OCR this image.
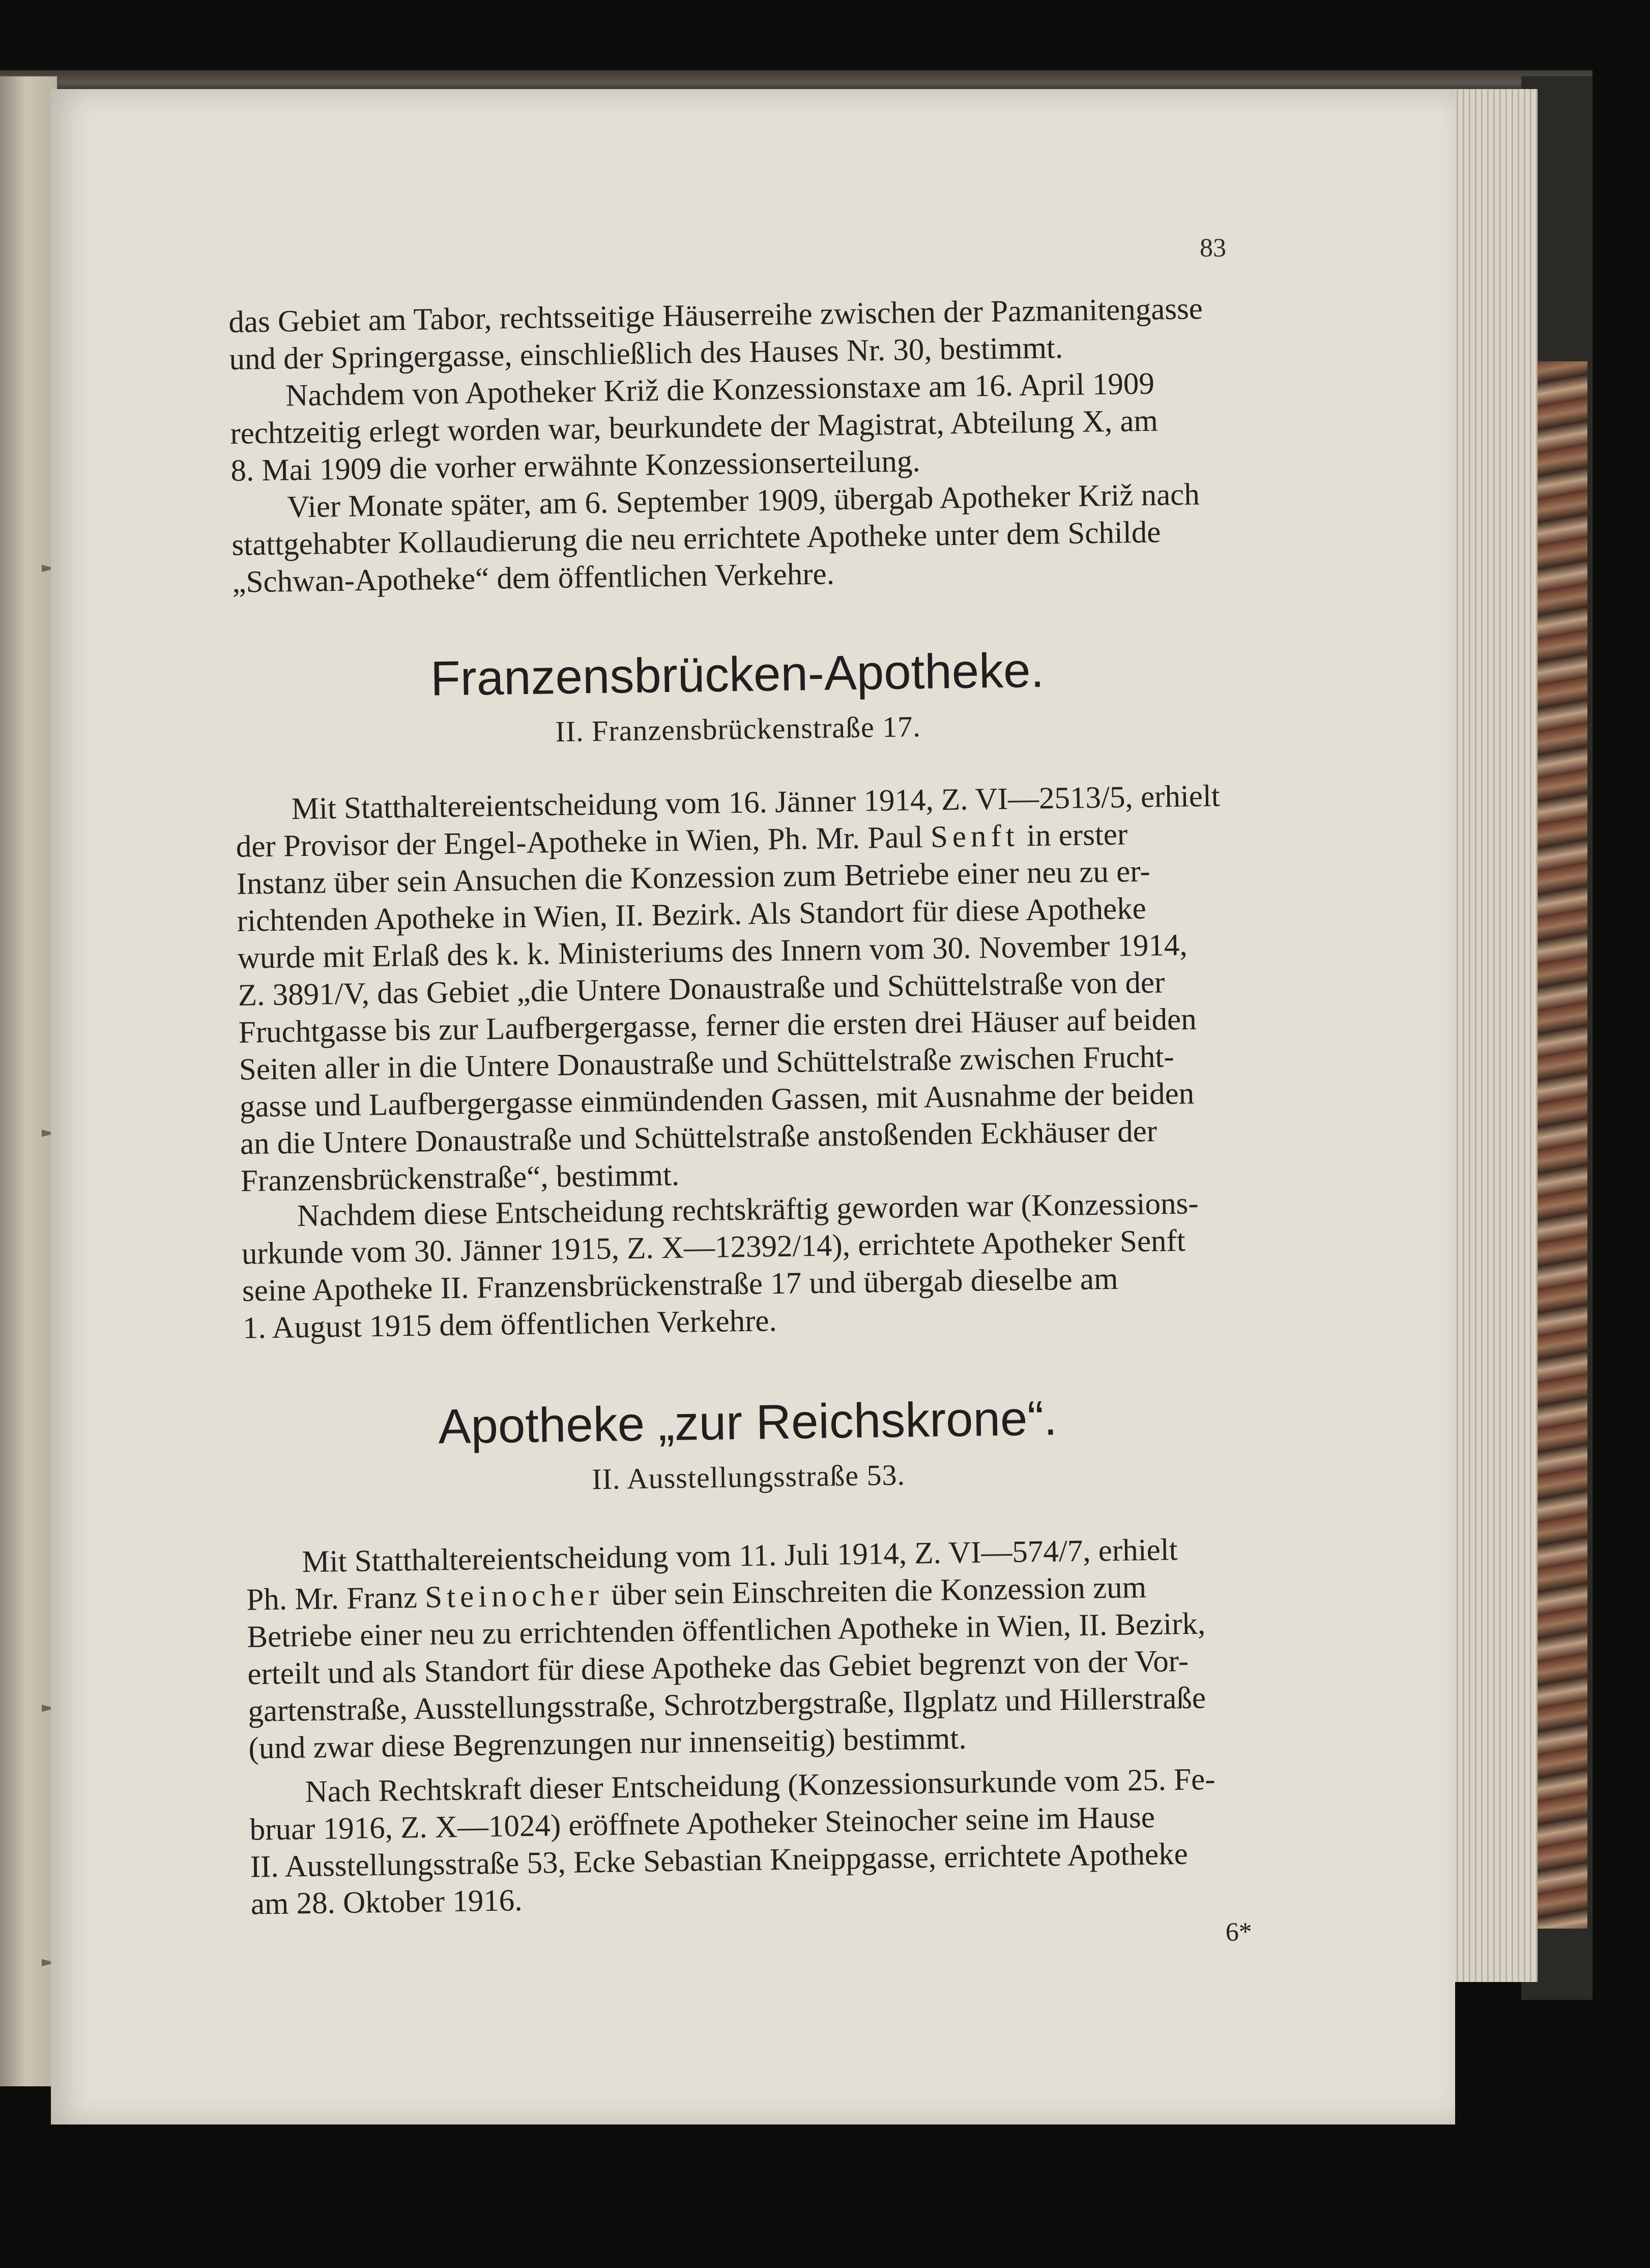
83

das Gebiet am Tabor, rechtsseitige Häuserreihe zwischen der Pazmanitengasse

und der Springergasse, einschließlich des Hauses Nr. 30, bestimmt.

Nachdem von Apotheker Križ die Konzessionstaxe am 16. April 1909

rechtzeitig erlegt worden war, beurkundete der Magistrat, Abteilung X, am

8. Mai 1909 die vorher erwähnte Konzessionserteilung.

Vier Monate später, am 6. September 1909, übergab Apotheker Križ nach

stattgehabter Kollaudierung die neu errichtete Apotheke unter dem Schilde

„Schwan-Apotheke“ dem öffentlichen Verkehre.

Franzensbrücken-Apotheke.

II. Franzensbrückenstraße 17.

Mit Statthaltereientscheidung vom 16. Jänner 1914, Z. VI—2513/5, erhielt

der Provisor der Engel-Apotheke in Wien, Ph. Mr. Paul Senft in erster

Instanz über sein Ansuchen die Konzession zum Betriebe einer neu zu er-

richtenden Apotheke in Wien, II. Bezirk. Als Standort für diese Apotheke

wurde mit Erlaß des k. k. Ministeriums des Innern vom 30. November 1914,

Z. 3891/V, das Gebiet „die Untere Donaustraße und Schüttelstraße von der

Fruchtgasse bis zur Laufbergergasse, ferner die ersten drei Häuser auf beiden

Seiten aller in die Untere Donaustraße und Schüttelstraße zwischen Frucht-

gasse und Laufbergergasse einmündenden Gassen, mit Ausnahme der beiden

an die Untere Donaustraße und Schüttelstraße anstoßenden Eckhäuser der

Franzensbrückenstraße“, bestimmt.

Nachdem diese Entscheidung rechtskräftig geworden war (Konzessions-

urkunde vom 30. Jänner 1915, Z. X—12392/14), errichtete Apotheker Senft

seine Apotheke II. Franzensbrückenstraße 17 und übergab dieselbe am

1. August 1915 dem öffentlichen Verkehre.

Apotheke „zur Reichskrone“.

II. Ausstellungsstraße 53.

Mit Statthaltereientscheidung vom 11. Juli 1914, Z. VI—574/7, erhielt

Ph. Mr. Franz Steinocher über sein Einschreiten die Konzession zum

Betriebe einer neu zu errichtenden öffentlichen Apotheke in Wien, II. Bezirk,

erteilt und als Standort für diese Apotheke das Gebiet begrenzt von der Vor-

gartenstraße, Ausstellungsstraße, Schrotzbergstraße, Ilgplatz und Hillerstraße

(und zwar diese Begrenzungen nur innenseitig) bestimmt.

Nach Rechtskraft dieser Entscheidung (Konzessionsurkunde vom 25. Fe-

bruar 1916, Z. X—1024) eröffnete Apotheker Steinocher seine im Hause

II. Ausstellungsstraße 53, Ecke Sebastian Kneippgasse, errichtete Apotheke

am 28. Oktober 1916.

6*
